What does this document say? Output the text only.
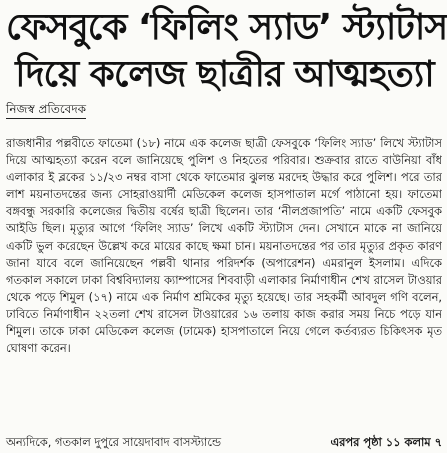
ফেসবুকে ‘ফিলিং স্যাড’ স্ট্যাটাস
দিয়ে কলেজ ছাত্রীর আত্মহত্যা
নিজস্ব প্রতিবেদক
রাজধানীর পল্লবীতে ফাতেমা (১৮) নামে এক কলেজ ছাত্রী ফেসবুকে ‘ফিলিং স্যাড’ লিখে স্ট্যাটাস দিয়ে আত্মহত্যা করেন বলে জানিয়েছে পুলিশ ও নিহতের পরিবার। শুক্রবার রাতে বাউনিয়া বাঁধ এলাকার ই ব্লকের ১১/২৩ নম্বর বাসা থেকে ফাতেমার ঝুলন্ত মরদেহ উদ্ধার করে পুলিশ। পরে তার লাশ ময়নাতদন্তের জন্য সোহরাওয়ার্দী মেডিকেল কলেজ হাসপাতাল মর্গে পাঠানো হয়। ফাতেমা বঙ্গবন্ধু সরকারি কলেজের দ্বিতীয় বর্ষের ছাত্রী ছিলেন। তার ‘নীলপ্রজাপতি’ নামে একটি ফেসবুক আইডি ছিল। মৃত্যুর আগে ‘ফিলিং স্যাড’ লিখে একটি স্ট্যাটাস দেন। সেখানে মাকে না জানিয়ে একটি ভুল করেছেন উল্লেখ করে মায়ের কাছে ক্ষমা চান। ময়নাতদন্তের পর তার মৃত্যুর প্রকৃত কারণ জানা যাবে বলে জানিয়েছেন পল্লবী থানার পরিদর্শক (অপারেশন) এমরানুল ইসলাম। এদিকে গতকাল সকালে ঢাকা বিশ্ববিদ্যালয় ক্যাম্পাসের শিববাড়ী এলাকার নির্মাণাধীন শেখ রাসেল টাওয়ার থেকে পড়ে শিমুল (১৭) নামে এক নির্মাণ শ্রমিকের মৃত্যু হয়েছে। তার সহকর্মী আবদুল গণি বলেন, ঢাবিতে নির্মাণাধীন ২২তলা শেখ রাসেল টাওয়ারের ১৬ তলায় কাজ করার সময় নিচে পড়ে যান শিমুল। তাকে ঢাকা মেডিকেল কলেজ (ঢামেক) হাসপাতালে নিয়ে গেলে কর্তব্যরত চিকিৎসক মৃত ঘোষণা করেন।
অন্যদিকে, গতকাল দুপুরে সায়েদাবাদ বাসস্ট্যান্ডে	এরপর পৃষ্ঠা ১১ কলাম ৭
